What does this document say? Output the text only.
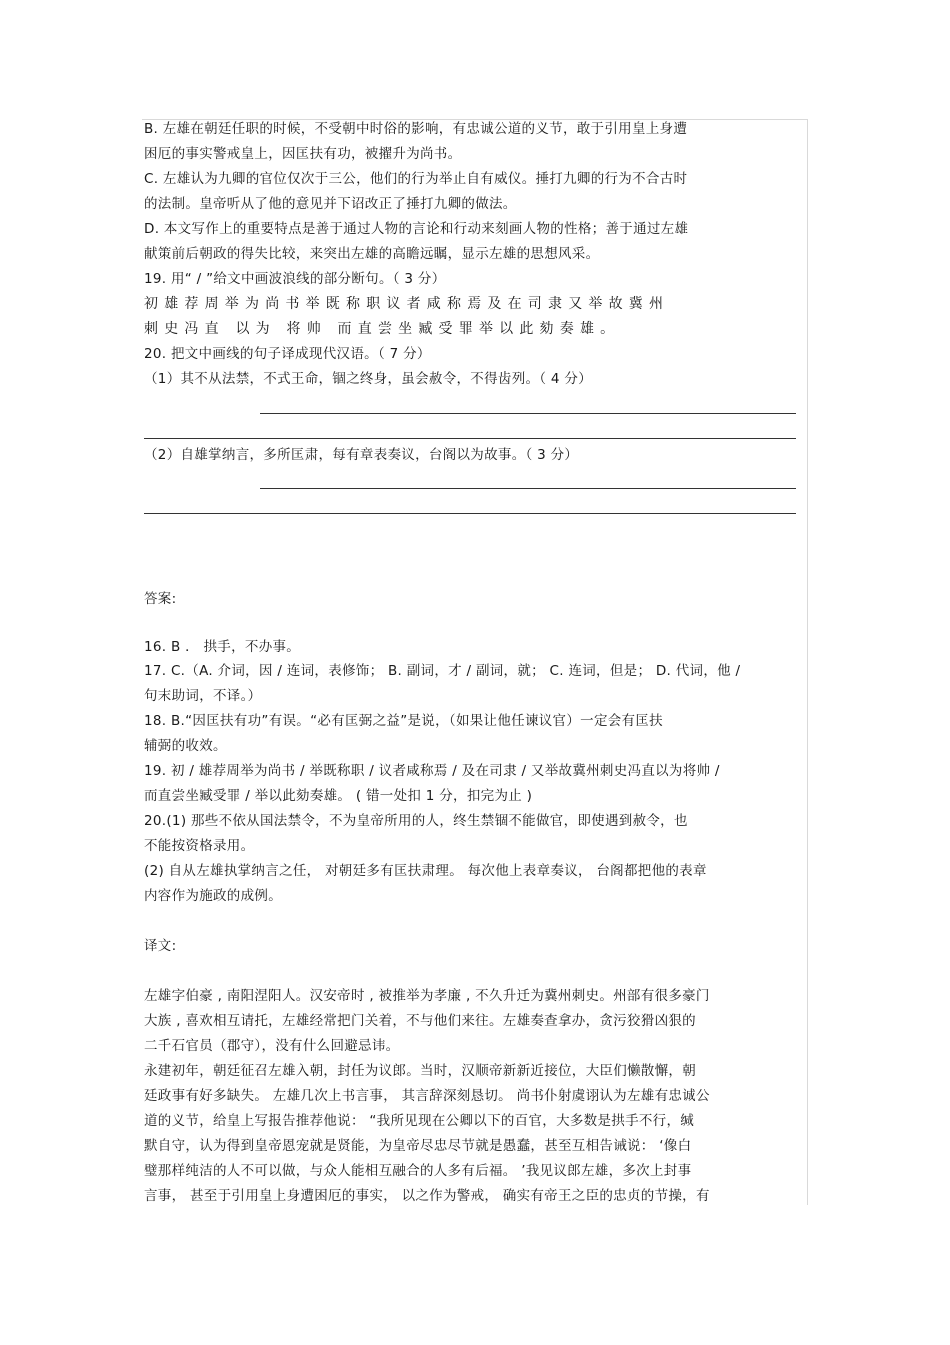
B. 左雄在朝廷任职的时候，不受朝中时俗的影响，有忠诚公道的义节，敢于引用皇上身遭
困厄的事实警戒皇上，因匡扶有功，被擢升为尚书。
C. 左雄认为九卿的官位仅次于三公，他们的行为举止自有威仪。捶打九卿的行为不合古时
的法制。皇帝听从了他的意见并下诏改正了捶打九卿的做法。
D. 本文写作上的重要特点是善于通过人物的言论和行动来刻画人物的性格；善于通过左雄
献策前后朝政的得失比较，来突出左雄的高瞻远瞩，显示左雄的思想风采。
19. 用“ / ”给文中画波浪线的部分断句。（ 3 分）
初雄荐周举为尚书举既称职议者咸称焉及在司隶又举故冀州
刺史冯直 以为 将帅 而直尝坐臧受罪举以此劾奏雄。
20. 把文中画线的句子译成现代汉语。（ 7 分）
（1）其不从法禁，不式王命，锢之终身，虽会赦令，不得齿列。（ 4 分）
（2）自雄掌纳言，多所匡肃，每有章表奏议，台阁以为故事。（ 3 分）
答案:
16. B ． 拱手，不办事。
17. C.（A. 介词，因 / 连词，表修饰； B. 副词，才 / 副词，就； C. 连词，但是； D. 代词，他 /
句末助词，不译。）
18. B.“因匡扶有功”有误。“必有匡弼之益”是说，（如果让他任谏议官）一定会有匡扶
辅弼的收效。
19. 初 / 雄荐周举为尚书 / 举既称职 / 议者咸称焉 / 及在司隶 / 又举故冀州刺史冯直以为将帅 /
而直尝坐臧受罪 / 举以此劾奏雄。 ( 错一处扣 1 分，扣完为止 )
20.(1) 那些不依从国法禁令，不为皇帝所用的人，终生禁锢不能做官，即使遇到赦令，也
不能按资格录用。
(2) 自从左雄执掌纳言之任， 对朝廷多有匡扶肃理。 每次他上表章奏议， 台阁都把他的表章
内容作为施政的成例。
译文:
左雄字伯豪 , 南阳涅阳人。汉安帝时 , 被推举为孝廉 , 不久升迁为冀州刺史。州部有很多豪门
大族 , 喜欢相互请托，左雄经常把门关着，不与他们来往。左雄奏查拿办，贪污狡猾凶狠的
二千石官员（郡守），没有什么回避忌讳。
永建初年，朝廷征召左雄入朝，封任为议郎。当时，汉顺帝新新近接位，大臣们懒散懈，朝
廷政事有好多缺失。 左雄几次上书言事， 其言辞深刻恳切。 尚书仆射虞诩认为左雄有忠诚公
道的义节，给皇上写报告推荐他说： “我所见现在公卿以下的百官，大多数是拱手不行，缄
默自守，认为得到皇帝恩宠就是贤能，为皇帝尽忠尽节就是愚蠢，甚至互相告诫说： ‘像白
璧那样纯洁的人不可以做，与众人能相互融合的人多有后福。 ’我见议郎左雄，多次上封事
言事， 甚至于引用皇上身遭困厄的事实， 以之作为警戒， 确实有帝王之臣的忠贞的节操，有
